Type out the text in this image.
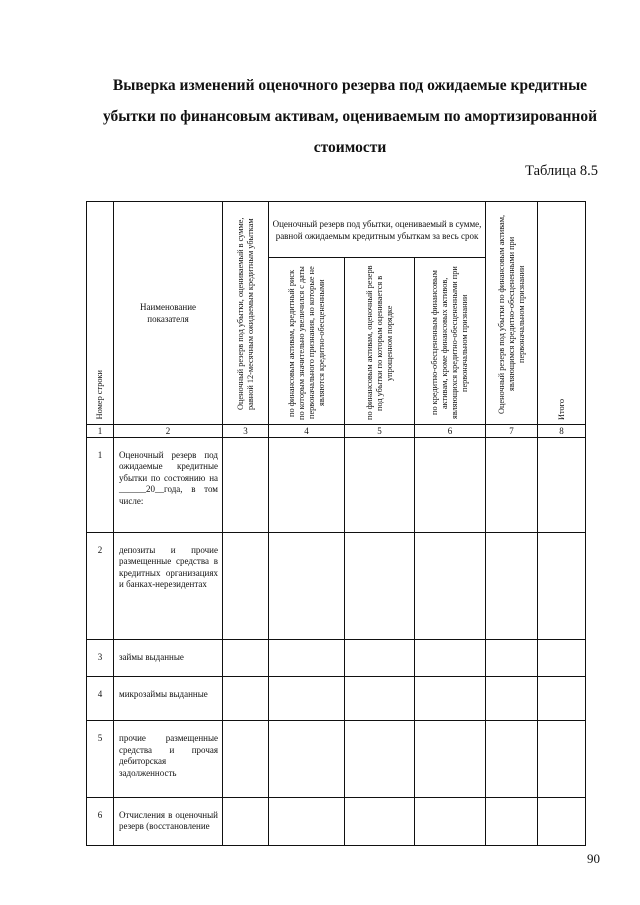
Выверка изменений оценочного резерва под ожидаемые кредитные
убытки по финансовым активам, оцениваемым по амортизированной
стоимости
Таблица 8.5
Номер строки	Наименование показателя	Оценочный резерв под убытки, оцениваемый в сумме, равной 12-месячным ожидаемым кредитным убыткам	Оценочный резерв под убытки, оцениваемый в сумме, равной ожидаемым кредитным убыткам за весь срок			Оценочный резерв под убытки по финансовым активам, являющимся кредитно-обесцененными при первоначальном признании	Итого

			по финансовым активам, кредитный риск по которым значительно увеличился с даты первоначального признания, но которые не являются кредитно-обесцененными	по финансовым активам, оценочный резерв под убытки по которым оценивается в упрощенном порядке	по кредитно-обесцененным финансовым активам, кроме финансовых активов, являющихся кредитно-обесцененными при первоначальном признании		

1	2	3	4	5	6	7	8
1	Оценочный резерв под ожидаемые кредитные убытки по состоянию на ______20__года, в том числе:						
2	депозиты и прочие размещенные средства в кредитных организациях и банках-нерезидентах						
3	займы выданные						
4	микрозаймы выданные						
5	прочие размещенные средства и прочая дебиторская задолженность						
6	Отчисления в оценочный резерв (восстановление						
90
